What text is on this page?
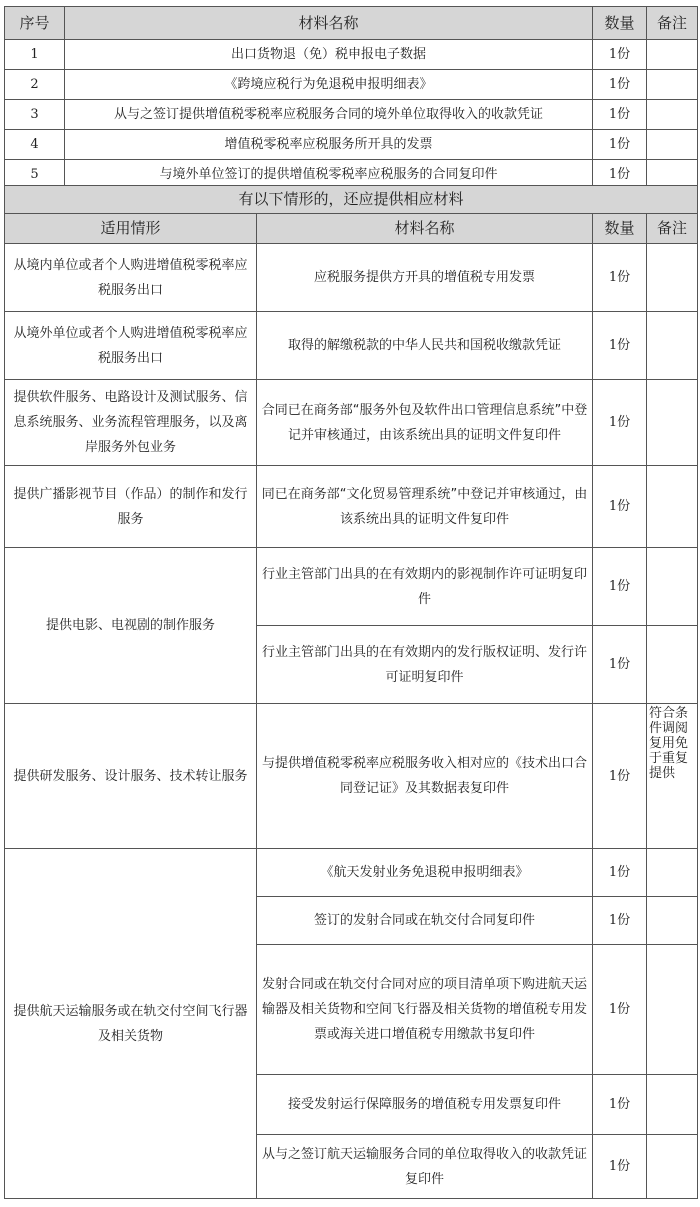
序号	材料名称	数量	备注
1	出口货物退（免）税申报电子数据	1份	
2	《跨境应税行为免退税申报明细表》	1份	
3	从与之签订提供增值税零税率应税服务合同的境外单位取得收入的收款凭证	1份	
4	增值税零税率应税服务所开具的发票	1份	
5	与境外单位签订的提供增值税零税率应税服务的合同复印件	1份	
有以下情形的，还应提供相应材料			
适用情形	材料名称	数量	备注
从境内单位或者个人购进增值税零税率应税服务出口	应税服务提供方开具的增值税专用发票	1份	
从境外单位或者个人购进增值税零税率应税服务出口	取得的解缴税款的中华人民共和国税收缴款凭证	1份	
提供软件服务、电路设计及测试服务、信息系统服务、业务流程管理服务，以及离岸服务外包业务	合同已在商务部“服务外包及软件出口管理信息系统”中登记并审核通过，由该系统出具的证明文件复印件	1份	
提供广播影视节目（作品）的制作和发行服务	同已在商务部“文化贸易管理系统”中登记并审核通过，由该系统出具的证明文件复印件	1份	
提供电影、电视剧的制作服务	行业主管部门出具的在有效期内的影视制作许可证明复印件	1份	
	行业主管部门出具的在有效期内的发行版权证明、发行许可证明复印件	1份	
提供研发服务、设计服务、技术转让服务	与提供增值税零税率应税服务收入相对应的《技术出口合同登记证》及其数据表复印件	1份	符合条件调阅复用免于重复提供
提供航天运输服务或在轨交付空间飞行器及相关货物	《航天发射业务免退税申报明细表》	1份	
	签订的发射合同或在轨交付合同复印件	1份	
	发射合同或在轨交付合同对应的项目清单项下购进航天运输器及相关货物和空间飞行器及相关货物的增值税专用发票或海关进口增值税专用缴款书复印件	1份	
	接受发射运行保障服务的增值税专用发票复印件	1份	
	从与之签订航天运输服务合同的单位取得收入的收款凭证复印件	1份	
